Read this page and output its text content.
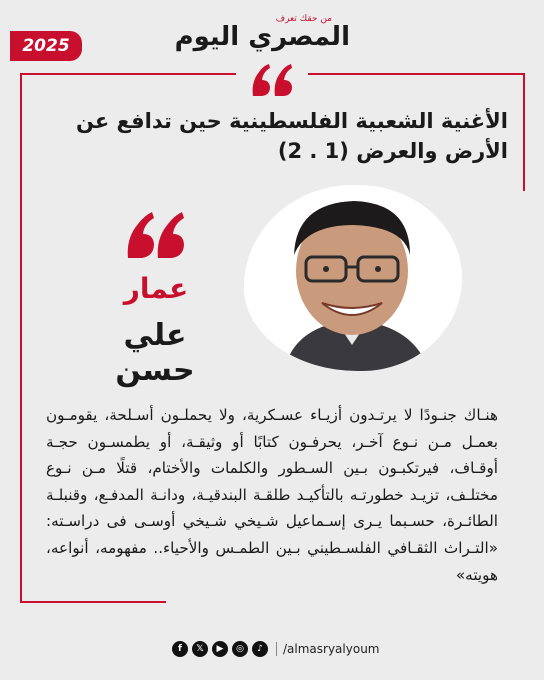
2025
من حقك تعرف
المصري اليوم
الأغنية الشعبية الفلسطينية حين تدافع عن الأرض والعرض (1 . 2)
عمار
علي حسن
هنـاك جنـودًا لا يرتـدون أزيـاء عسـكرية، ولا يحملـون أسـلحة، يقومـون بعمـل مـن نـوع آخـر، يحرفـون كتابًا أو وثيقـة، أو يطمسـون حجـة أوقـاف، فيرتكبـون بـين السـطور والكلمات والأختام، قتلًا مـن نـوع مختلـف، تزيـد خطورتـه بالتأكيـد طلقـة البندقيـة، ودانـة المدفـع، وقنبلـة الطائـرة، حسـبما يـرى إسـماعيل شـيخي شـيخي أوسـى فى دراسـته: «التـراث الثقـافي الفلسـطيني بـين الطمـس والأحياء.. مفهومه، أنواعه، هويته»
f	𝕏	▶	◎	♪	/almasryalyoum
